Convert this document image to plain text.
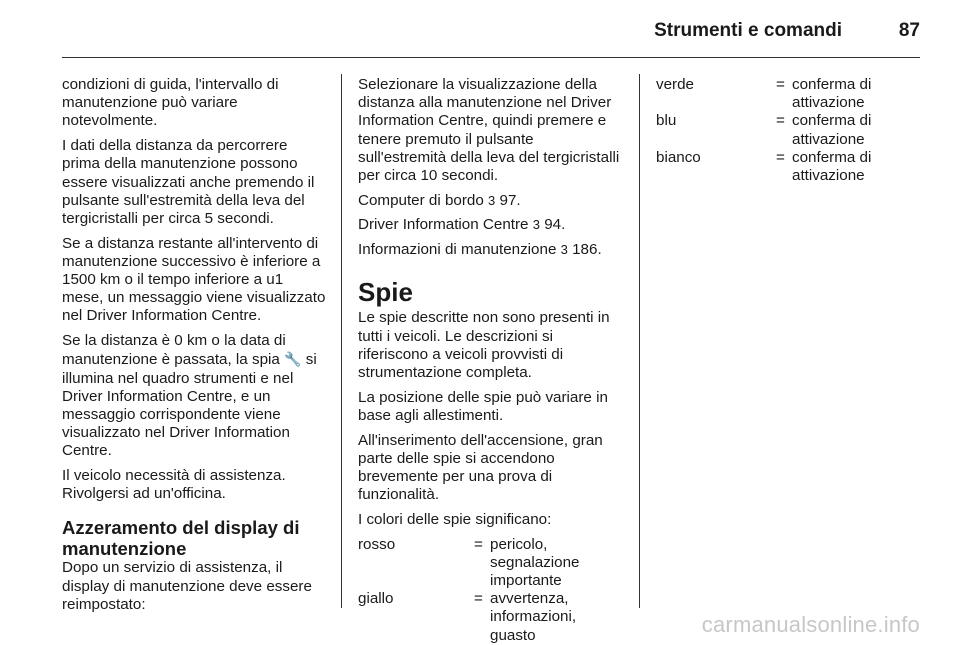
Strumenti e comandi	87

condizioni di guida, l'intervallo di manutenzione può variare notevolmente.

I dati della distanza da percorrere prima della manutenzione possono essere visualizzati anche premendo il pulsante sull'estremità della leva del tergicristalli per circa 5 secondi.

Se a distanza restante all'intervento di manutenzione successivo è inferiore a 1500 km o il tempo inferiore a u1 mese, un messaggio viene visualizzato nel Driver Information Centre.

Se la distanza è 0 km o la data di manutenzione è passata, la spia 🔧 si illumina nel quadro strumenti e nel Driver Information Centre, e un messaggio corrispondente viene visualizzato nel Driver Information Centre.

Il veicolo necessità di assistenza. Rivolgersi ad un'officina.

Azzeramento del display di manutenzione

Dopo un servizio di assistenza, il display di manutenzione deve essere reimpostato:

Selezionare la visualizzazione della distanza alla manutenzione nel Driver Information Centre, quindi premere e tenere premuto il pulsante sull'estremità della leva del tergicristalli per circa 10 secondi.

Computer di bordo 3 97.

Driver Information Centre 3 94.

Informazioni di manutenzione 3 186.

Spie

Le spie descritte non sono presenti in tutti i veicoli. Le descrizioni si riferiscono a veicoli provvisti di strumentazione completa.

La posizione delle spie può variare in base agli allestimenti.

All'inserimento dell'accensione, gran parte delle spie si accendono brevemente per una prova di funzionalità.

I colori delle spie significano:

rosso	= pericolo, segnalazione importante
giallo	= avvertenza, informazioni, guasto
verde	= conferma di attivazione
blu	= conferma di attivazione
bianco	= conferma di attivazione
carmanualsonline.info
